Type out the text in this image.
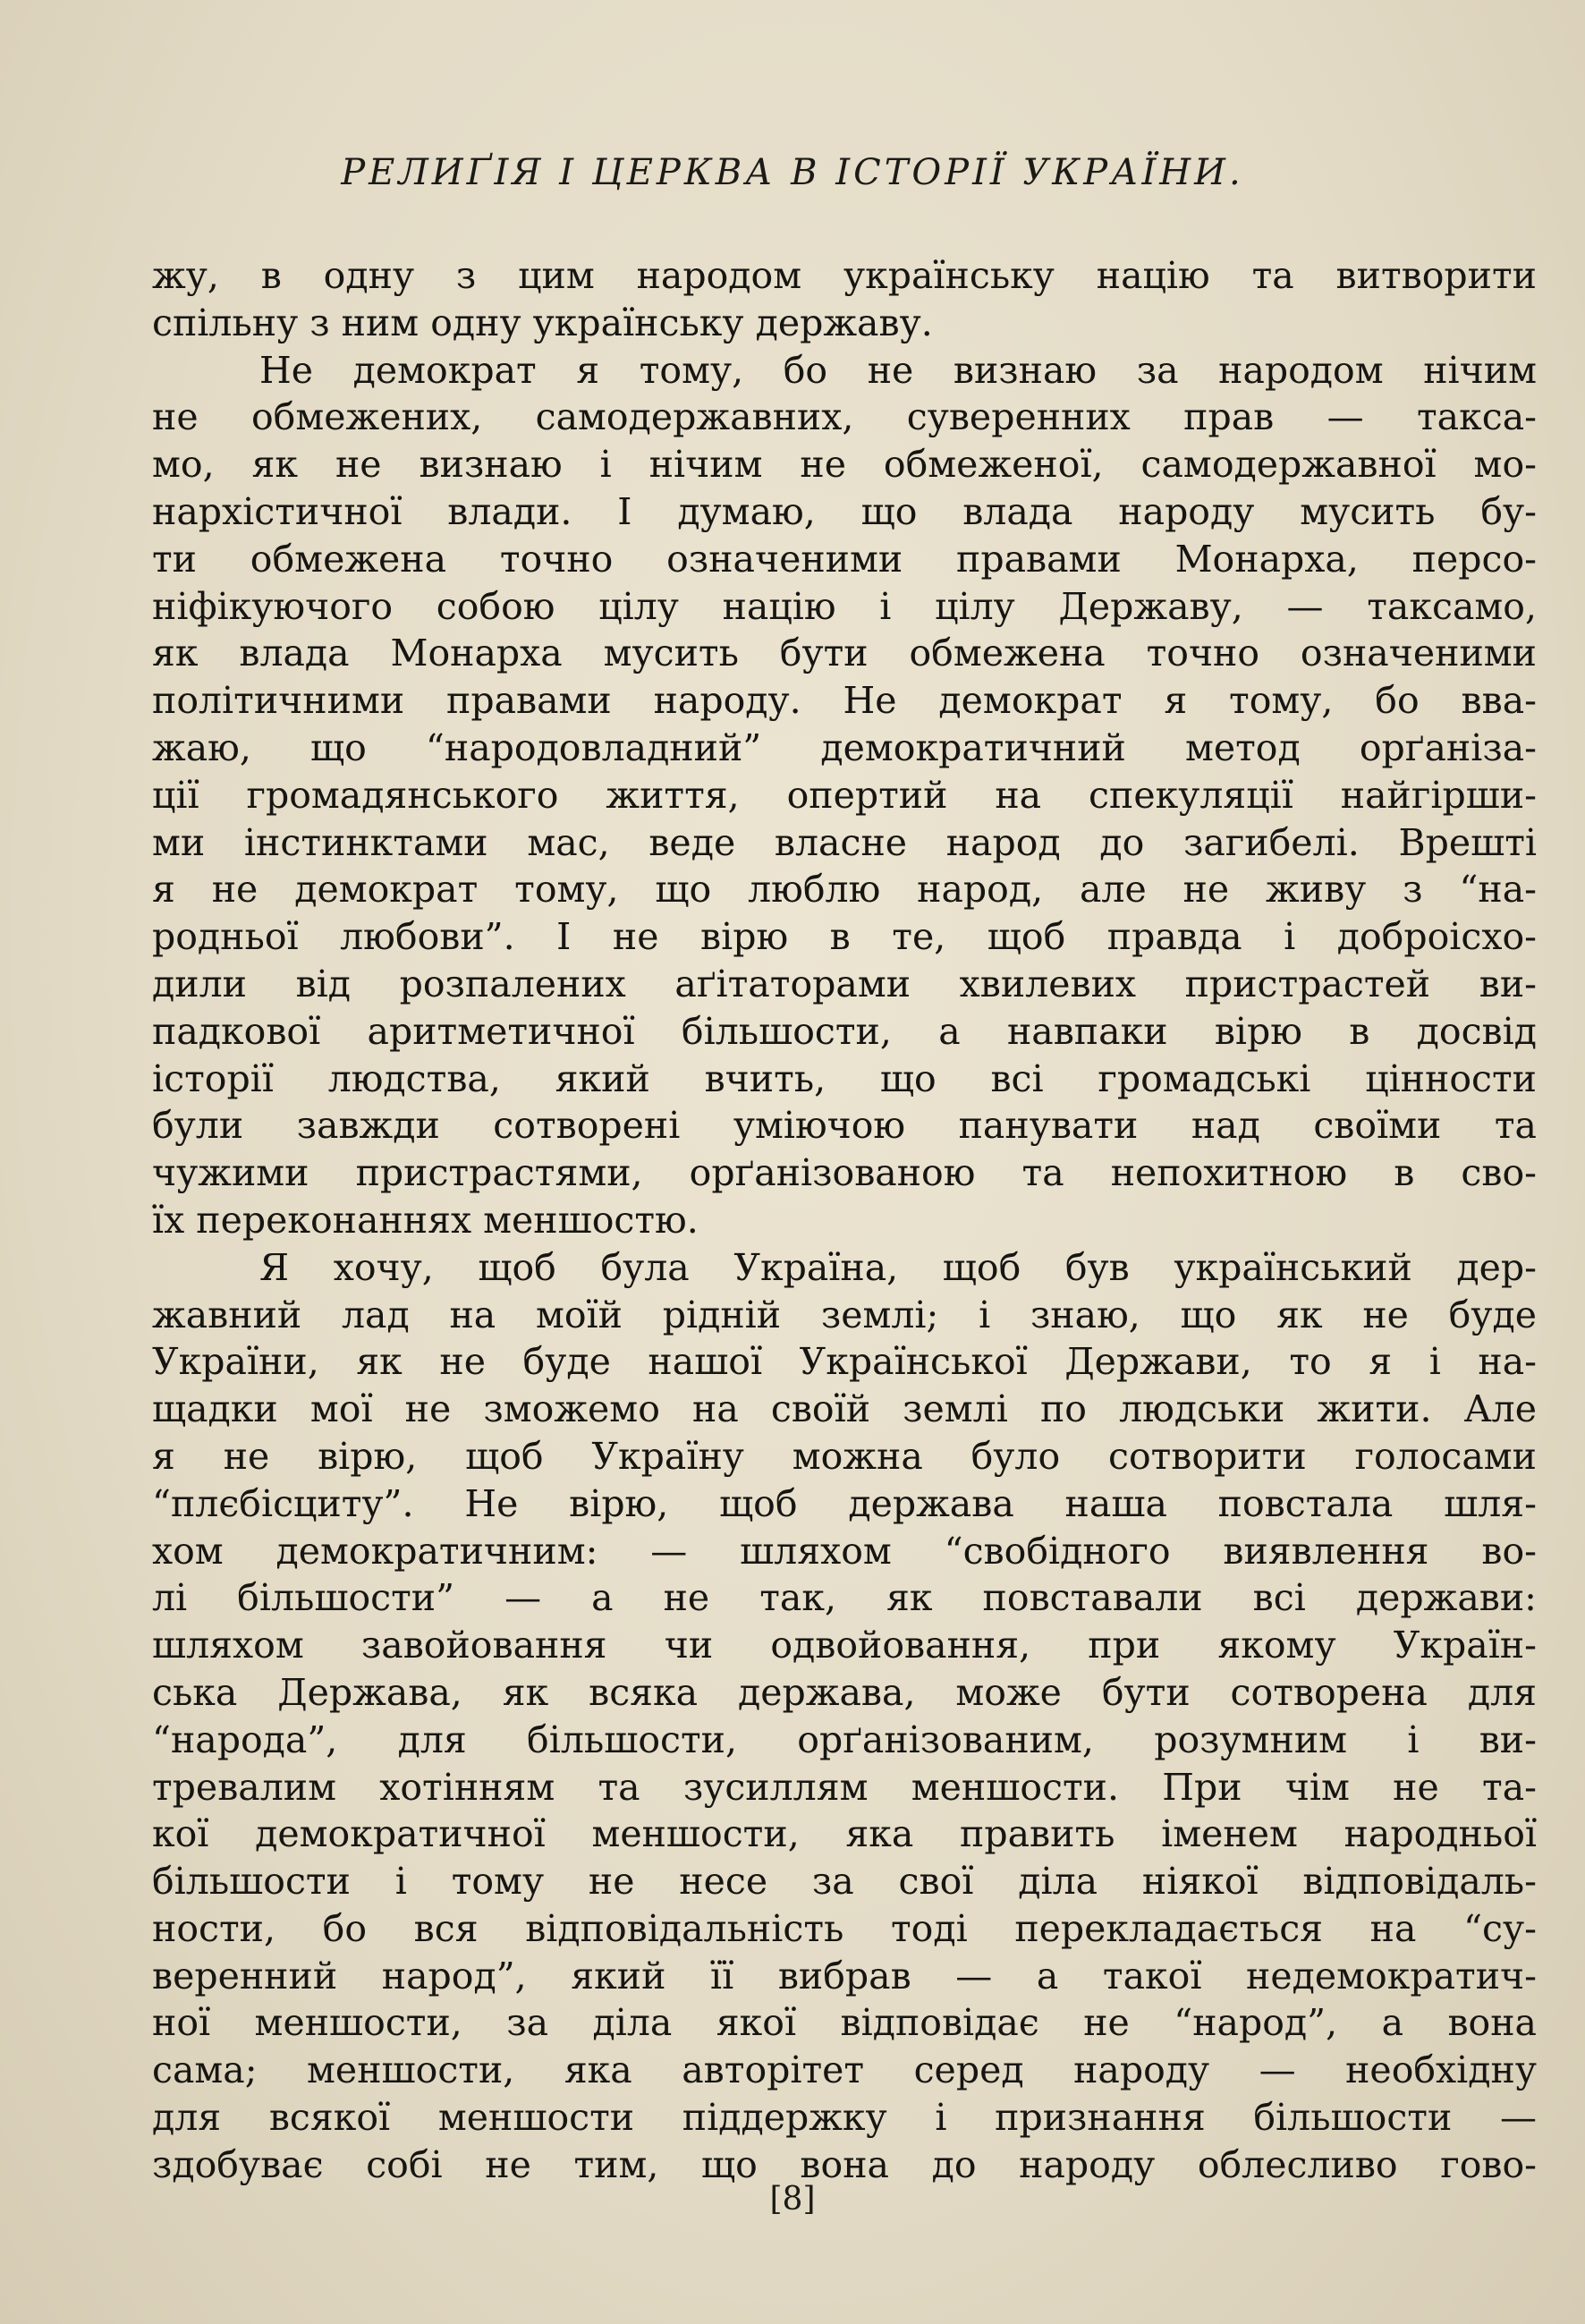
РЕЛИҐІЯ І ЦЕРКВА В ІСТОРІЇ УКРАЇНИ.
жу, в одну з цим народом українську націю та витворити
спільну з ним одну українську державу.
Не демократ я тому, бо не визнаю за народом нічим
не обмежених, самодержавних, суверенних прав — такса-
мо, як не визнаю і нічим не обмеженої, самодержавної мо-
нархістичної влади. І думаю, що влада народу мусить бу-
ти обмежена точно означеними правами Монарха, персо-
ніфікуючого собою цілу націю і цілу Державу, — таксамо,
як влада Монарха мусить бути обмежена точно означеними
політичними правами народу. Не демократ я тому, бо вва-
жаю, що “народовладний” демократичний метод орґаніза-
ції громадянського життя, опертий на спекуляції найгірши-
ми інстинктами мас, веде власне народ до загибелі. Врешті
я не демократ тому, що люблю народ, але не живу з “на-
родньої любови”. І не вірю в те, щоб правда і доброісхо-
дили від розпалених аґітаторами хвилевих пристрастей ви-
падкової аритметичної більшости, а навпаки вірю в досвід
історії людства, який вчить, що всі громадські цінности
були завжди сотворені уміючою панувати над своїми та
чужими пристрастями, орґанізованою та непохитною в сво-
їх переконаннях меншостю.
Я хочу, щоб була Україна, щоб був український дер-
жавний лад на моїй рідній землі; і знаю, що як не буде
України, як не буде нашої Української Держави, то я і на-
щадки мої не зможемо на своїй землі по людськи жити. Але
я не вірю, щоб Україну можна було сотворити голосами
“плєбісциту”. Не вірю, щоб держава наша повстала шля-
хом демократичним: — шляхом “свобідного виявлення во-
лі більшости” — а не так, як повставали всі держави:
шляхом завойовання чи одвойовання, при якому Україн-
ська Держава, як всяка держава, може бути сотворена для
“народа”, для більшости, орґанізованим, розумним і ви-
тревалим хотінням та зусиллям меншости. При чім не та-
кої демократичної меншости, яка править іменем народньої
більшости і тому не несе за свої діла ніякої відповідаль-
ности, бо вся відповідальність тоді перекладається на “су-
веренний народ”, який її вибрав — а такої недемократич-
ної меншости, за діла якої відповідає не “народ”, а вона
сама; меншости, яка авторітет серед народу — необхідну
для всякої меншости піддержку і признання більшости —
здобуває собі не тим, що вона до народу облесливо гово-
[8]
